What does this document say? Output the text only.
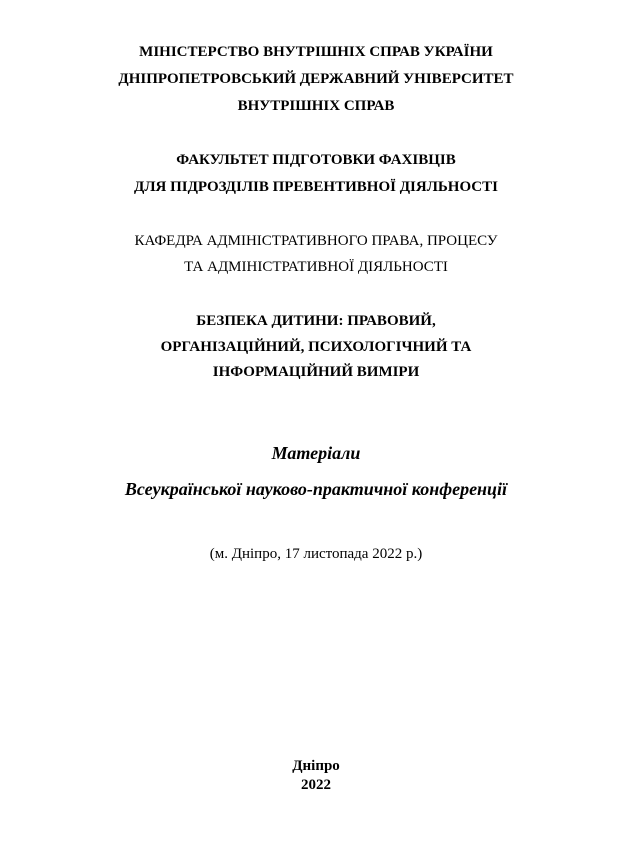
МІНІСТЕРСТВО ВНУТРІШНІХ СПРАВ УКРАЇНИ
ДНІПРОПЕТРОВСЬКИЙ ДЕРЖАВНИЙ УНІВЕРСИТЕТ
ВНУТРІШНІХ СПРАВ
ФАКУЛЬТЕТ ПІДГОТОВКИ ФАХІВЦІВ
ДЛЯ ПІДРОЗДІЛІВ ПРЕВЕНТИВНОЇ ДІЯЛЬНОСТІ
КАФЕДРА АДМІНІСТРАТИВНОГО ПРАВА, ПРОЦЕСУ
ТА АДМІНІСТРАТИВНОЇ ДІЯЛЬНОСТІ
БЕЗПЕКА ДИТИНИ: ПРАВОВИЙ,
ОРГАНІЗАЦІЙНИЙ, ПСИХОЛОГІЧНИЙ ТА
ІНФОРМАЦІЙНИЙ ВИМІРИ
Матеріали
Всеукраїнської науково-практичної конференції
(м. Дніпро, 17 листопада 2022 р.)
Дніпро
2022
